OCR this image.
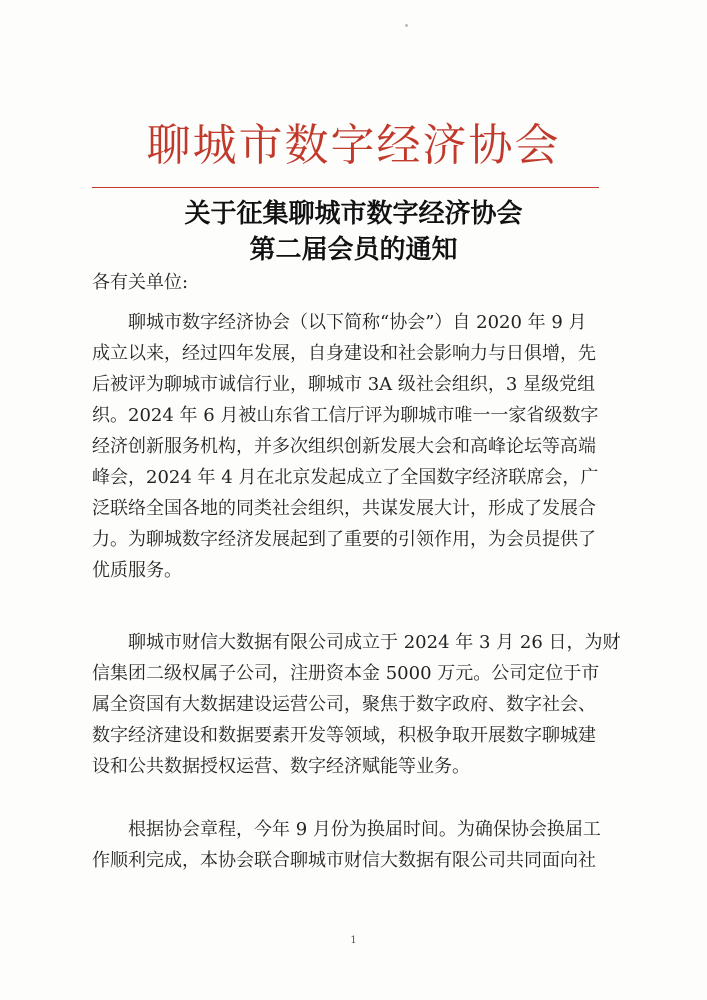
聊城市数字经济协会
关于征集聊城市数字经济协会
第二届会员的通知
各有关单位:
聊城市数字经济协会（以下简称“协会”）自 2020 年 9 月
成立以来，经过四年发展，自身建设和社会影响力与日俱增，先
后被评为聊城市诚信行业，聊城市 3A 级社会组织，3 星级党组
织。2024 年 6 月被山东省工信厅评为聊城市唯一一家省级数字
经济创新服务机构，并多次组织创新发展大会和高峰论坛等高端
峰会，2024 年 4 月在北京发起成立了全国数字经济联席会，广
泛联络全国各地的同类社会组织，共谋发展大计，形成了发展合
力。为聊城数字经济发展起到了重要的引领作用，为会员提供了
优质服务。
聊城市财信大数据有限公司成立于 2024 年 3 月 26 日，为财
信集团二级权属子公司，注册资本金 5000 万元。公司定位于市
属全资国有大数据建设运营公司，聚焦于数字政府、数字社会、
数字经济建设和数据要素开发等领域，积极争取开展数字聊城建
设和公共数据授权运营、数字经济赋能等业务。
根据协会章程，今年 9 月份为换届时间。为确保协会换届工
作顺利完成，本协会联合聊城市财信大数据有限公司共同面向社
1
